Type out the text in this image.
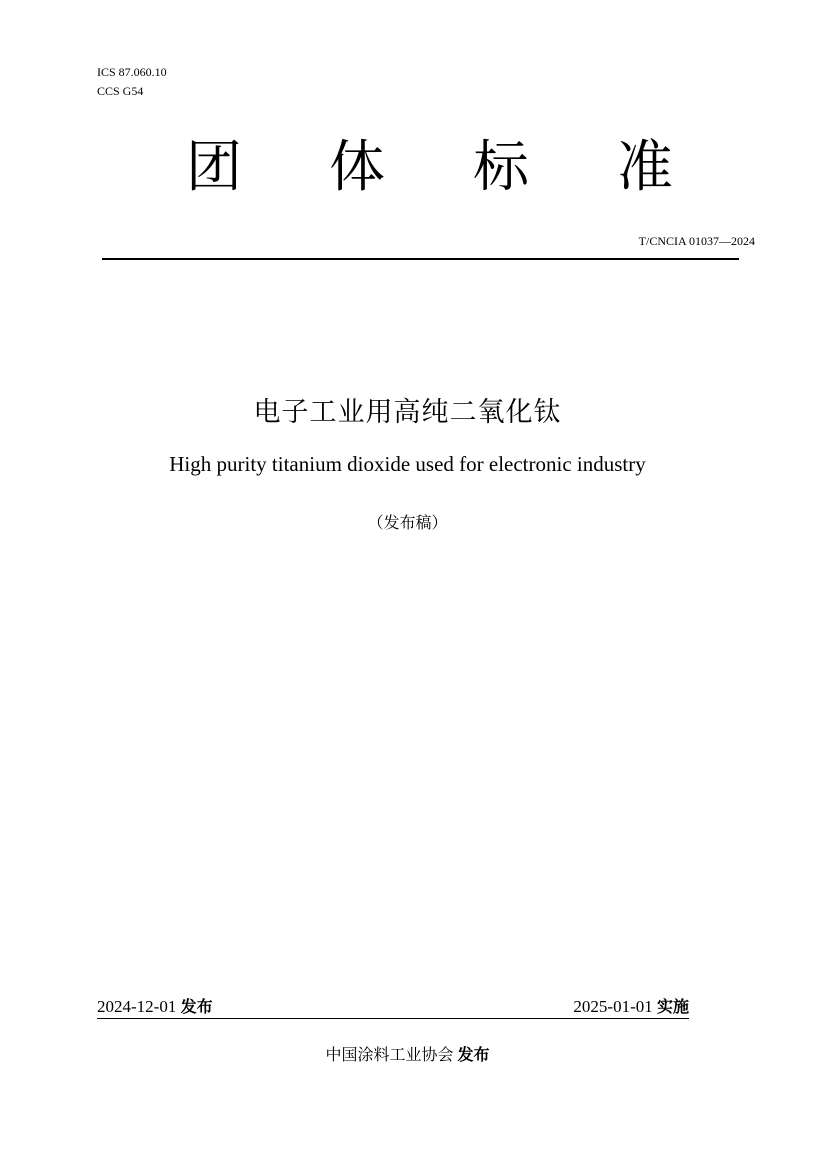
ICS 87.060.10
CCS G54
团 体 标 准
T/CNCIA 01037—2024
电子工业用高纯二氧化钛
High purity titanium dioxide used for electronic industry
（发布稿）
2024-12-01 发布	2025-01-01 实施
中国涂料工业协会 发布
